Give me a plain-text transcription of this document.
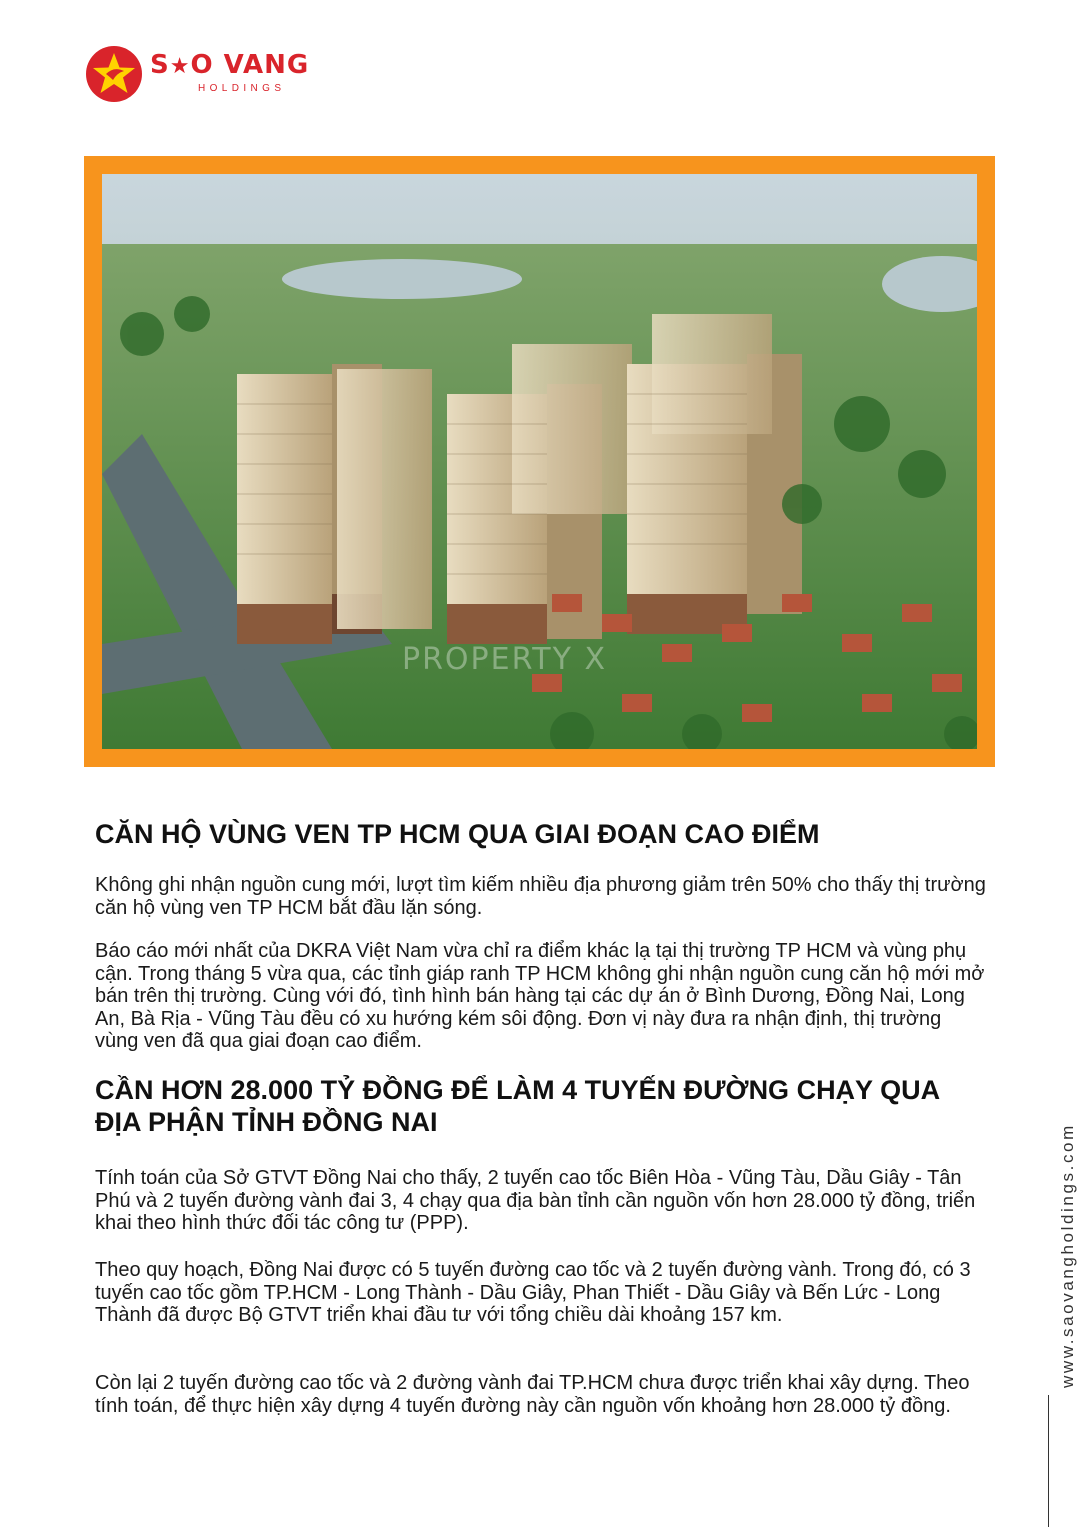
S★O VANG
HOLDINGS
PROPERTY X
www.saovangholdings.com
CĂN HỘ VÙNG VEN TP HCM QUA GIAI ĐOẠN CAO ĐIỂM

Không ghi nhận nguồn cung mới, lượt tìm kiếm nhiều địa phương giảm trên 50% cho thấy thị trường căn hộ vùng ven TP HCM bắt đầu lặn sóng.

Báo cáo mới nhất của DKRA Việt Nam vừa chỉ ra điểm khác lạ tại thị trường TP HCM và vùng phụ cận. Trong tháng 5 vừa qua, các tỉnh giáp ranh TP HCM không ghi nhận nguồn cung căn hộ mới mở bán trên thị trường. Cùng với đó, tình hình bán hàng tại các dự án ở Bình Dương, Đồng Nai, Long An, Bà Rịa - Vũng Tàu đều có xu hướng kém sôi động. Đơn vị này đưa ra nhận định, thị trường vùng ven đã qua giai đoạn cao điểm.

CẦN HƠN 28.000 TỶ ĐỒNG ĐỂ LÀM 4 TUYẾN ĐƯỜNG CHẠY QUA ĐỊA PHẬN TỈNH ĐỒNG NAI

Tính toán của Sở GTVT Đồng Nai cho thấy, 2 tuyến cao tốc Biên Hòa - Vũng Tàu, Dầu Giây - Tân Phú và 2 tuyến đường vành đai 3, 4 chạy qua địa bàn tỉnh cần nguồn vốn hơn 28.000 tỷ đồng, triển khai theo hình thức đối tác công tư (PPP).

Theo quy hoạch, Đồng Nai được có 5 tuyến đường cao tốc và 2 tuyến đường vành. Trong đó, có 3 tuyến cao tốc gồm TP.HCM - Long Thành - Dầu Giây, Phan Thiết - Dầu Giây và Bến Lức - Long Thành đã được Bộ GTVT triển khai đầu tư với tổng chiều dài khoảng 157 km.

Còn lại 2 tuyến đường cao tốc và 2 đường vành đai TP.HCM chưa được triển khai xây dựng. Theo tính toán, để thực hiện xây dựng 4 tuyến đường này cần nguồn vốn khoảng hơn 28.000 tỷ đồng.
